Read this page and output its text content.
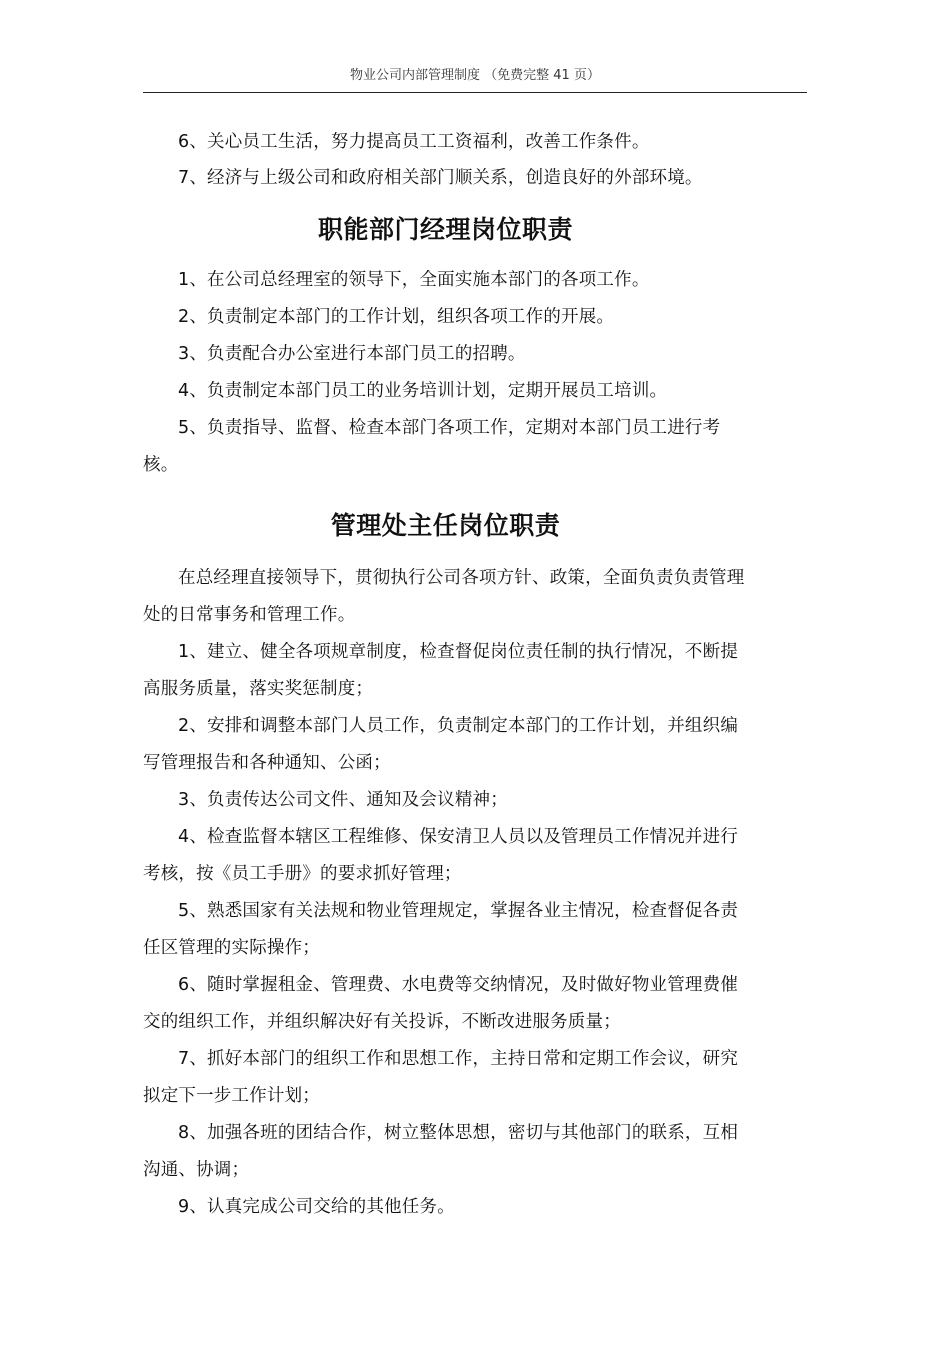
物业公司内部管理制度 （免费完整 41 页）

6、关心员工生活，努力提高员工工资福利，改善工作条件。

7、经济与上级公司和政府相关部门顺关系，创造良好的外部环境。

职能部门经理岗位职责

1、在公司总经理室的领导下，全面实施本部门的各项工作。

2、负责制定本部门的工作计划，组织各项工作的开展。

3、负责配合办公室进行本部门员工的招聘。

4、负责制定本部门员工的业务培训计划，定期开展员工培训。

5、负责指导、监督、检查本部门各项工作，定期对本部门员工进行考核。

管理处主任岗位职责

在总经理直接领导下，贯彻执行公司各项方针、政策，全面负责负责管理处的日常事务和管理工作。

1、建立、健全各项规章制度，检查督促岗位责任制的执行情况，不断提高服务质量，落实奖惩制度；

2、安排和调整本部门人员工作，负责制定本部门的工作计划，并组织编写管理报告和各种通知、公函；

3、负责传达公司文件、通知及会议精神；

4、检查监督本辖区工程维修、保安清卫人员以及管理员工作情况并进行考核，按《员工手册》的要求抓好管理；

5、熟悉国家有关法规和物业管理规定，掌握各业主情况，检查督促各责任区管理的实际操作；

6、随时掌握租金、管理费、水电费等交纳情况，及时做好物业管理费催交的组织工作，并组织解决好有关投诉，不断改进服务质量；

7、抓好本部门的组织工作和思想工作，主持日常和定期工作会议，研究拟定下一步工作计划；

8、加强各班的团结合作，树立整体思想，密切与其他部门的联系，互相沟通、协调；

9、认真完成公司交给的其他任务。
